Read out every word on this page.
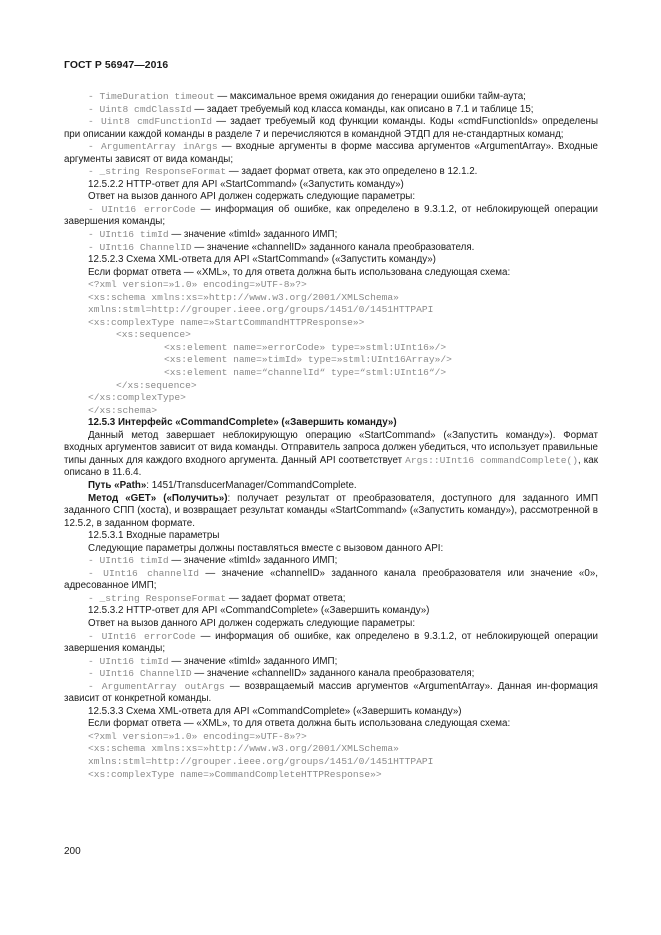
ГОСТ Р 56947—2016

- TimeDuration timeout — максимальное время ожидания до генерации ошибки тайм-аута;

- Uint8 cmdClassId — задает требуемый код класса команды, как описано в 7.1 и таблице 15;

- Uint8 cmdFunctionId — задает требуемый код функции команды. Коды «cmdFunctionIds» определены при описании каждой команды в разделе 7 и перечисляются в командной ЭТДП для не-стандартных команд;

- ArgumentArray inArgs — входные аргументы в форме массива аргументов «ArgumentArray». Входные аргументы зависят от вида команды;

- _string ResponseFormat — задает формат ответа, как это определено в 12.1.2.

12.5.2.2 HTTP-ответ для API «StartCommand» («Запустить команду»)

Ответ на вызов данного API должен содержать следующие параметры:

- UInt16 errorCode — информация об ошибке, как определено в 9.3.1.2, от неблокирующей операции завершения команды;

- UInt16 timId — значение «timId» заданного ИМП;

- UInt16 ChannelID — значение «channelID» заданного канала преобразователя.

12.5.2.3 Схема XML-ответа для API «StartCommand» («Запустить команду»)

Если формат ответа — «XML», то для ответа должна быть использована следующая схема:

<?xml version=»1.0» encoding=»UTF-8»?>
<xs:schema xmlns:xs=»http://www.w3.org/2001/XMLSchema»
xmlns:stml=http://grouper.ieee.org/groups/1451/0/1451HTTPAPI
<xs:complexType name=»StartCommandHTTPResponse»>
<xs:sequence>
<xs:element name=»errorCode» type=»stml:UInt16»/>
<xs:element name=»timId» type=»stml:UInt16Array»/>
<xs:element name=“channelId“ type=“stml:UInt16“/>
</xs:sequence>
</xs:complexType>
</xs:schema>

12.5.3 Интерфейс «CommandComplete» («Завершить команду»)

Данный метод завершает неблокирующую операцию «StartCommand» («Запустить команду»). Формат входных аргументов зависит от вида команды. Отправитель запроса должен убедиться, что использует правильные типы данных для каждого входного аргумента. Данный API соответствует Args::UInt16 commandComplete(), как описано в 11.6.4.

Путь «Path»: 1451/TransducerManager/CommandComplete.

Метод «GET» («Получить»): получает результат от преобразователя, доступного для заданного ИМП заданного СПП (хоста), и возвращает результат команды «StartCommand» («Запустить команду»), рассмотренной в 12.5.2, в заданном формате.

12.5.3.1 Входные параметры

Следующие параметры должны поставляться вместе с вызовом данного API:

- UInt16 timId — значение «timId» заданного ИМП;

- UInt16 channelId — значение «channelID» заданного канала преобразователя или значение «0», адресованное ИМП;

- _string ResponseFormat — задает формат ответа;

12.5.3.2 HTTP-ответ для API «CommandComplete» («Завершить команду»)

Ответ на вызов данного API должен содержать следующие параметры:

- UInt16 errorCode — информация об ошибке, как определено в 9.3.1.2, от неблокирующей операции завершения команды;

- UInt16 timId — значение «timId» заданного ИМП;

- UInt16 ChannelID — значение «channelID» заданного канала преобразователя;

- ArgumentArray outArgs — возвращаемый массив аргументов «ArgumentArray». Данная ин-формация зависит от конкретной команды.

12.5.3.3 Схема XML-ответа для API «CommandComplete» («Завершить команду»)

Если формат ответа — «XML», то для ответа должна быть использована следующая схема:

<?xml version=»1.0» encoding=»UTF-8»?>
<xs:schema xmlns:xs=»http://www.w3.org/2001/XMLSchema»
xmlns:stml=http://grouper.ieee.org/groups/1451/0/1451HTTPAPI
<xs:complexType name=»CommandCompleteHTTPResponse»>
200
